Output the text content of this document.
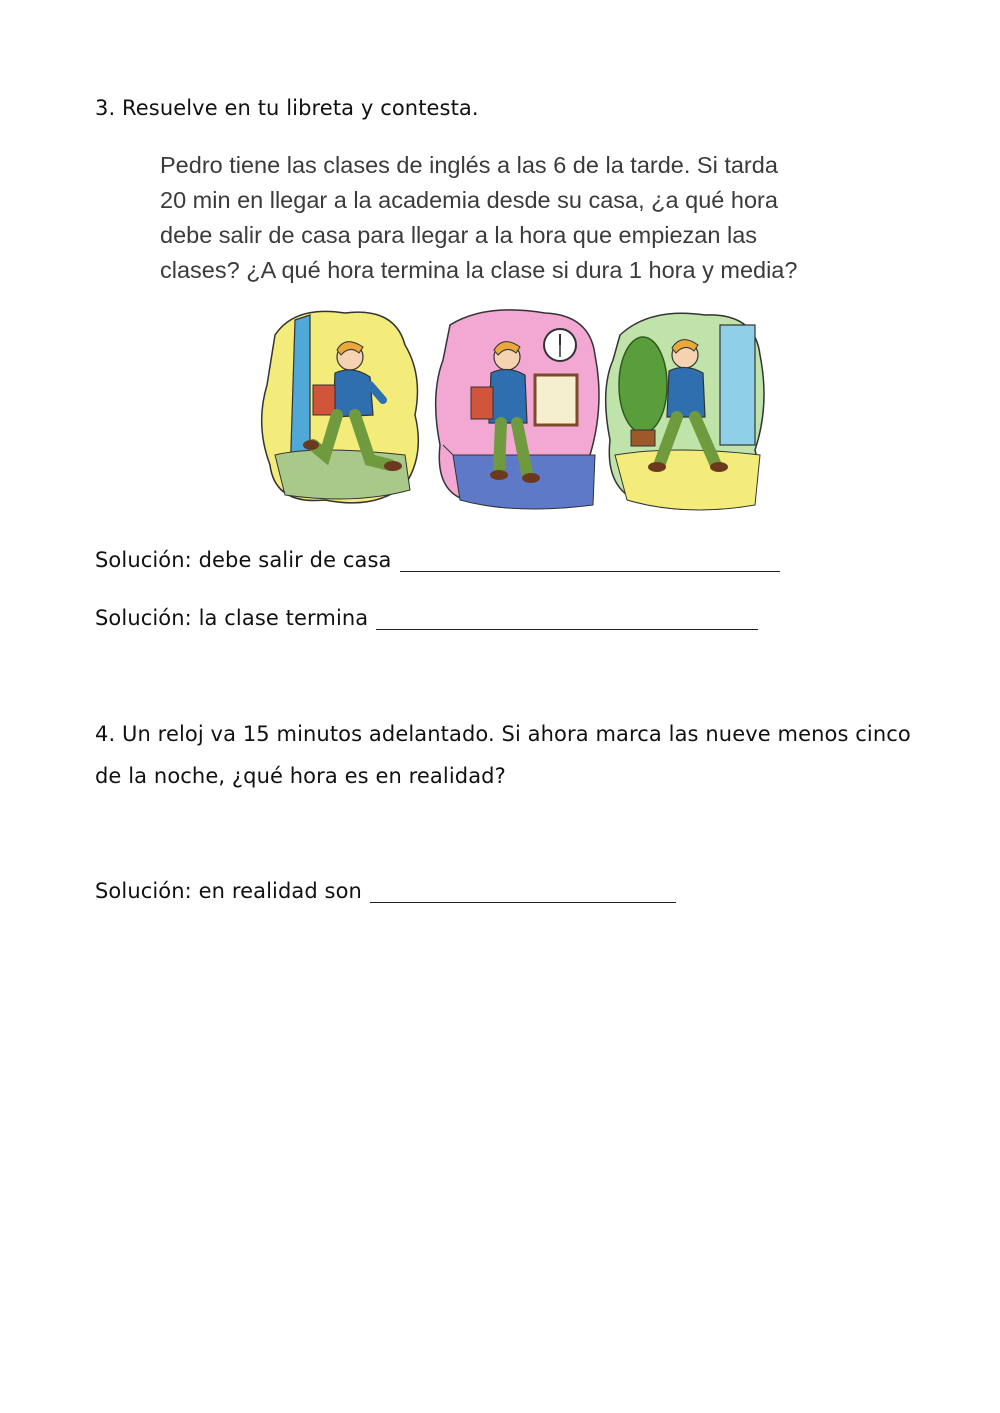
3. Resuelve en tu libreta y contesta.
Pedro tiene las clases de inglés a las 6 de la tarde. Si tarda
20 min en llegar a la academia desde su casa, ¿a qué hora
debe salir de casa para llegar a la hora que empiezan las
clases? ¿A qué hora termina la clase si dura 1 hora y media?
Solución: debe salir de casa
Solución: la clase termina
4. Un reloj va 15 minutos adelantado. Si ahora marca las nueve menos cinco
de la noche, ¿qué hora es en realidad?
Solución: en realidad son
